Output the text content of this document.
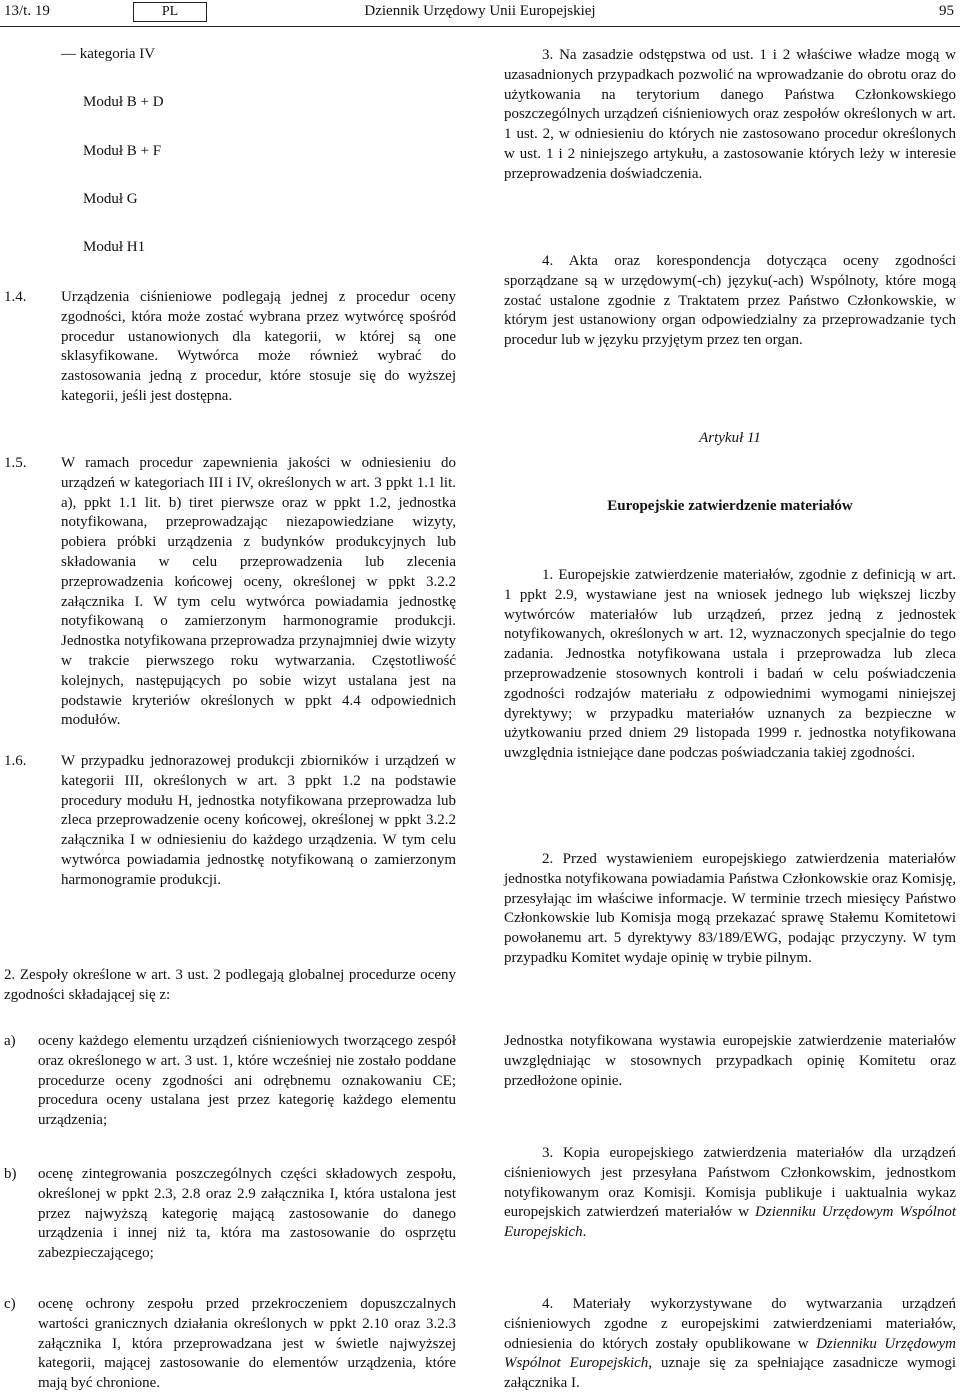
13/t. 19	PL	Dziennik Urzędowy Unii Europejskiej	95
— kategoria IV
Moduł B + D
Moduł B + F
Moduł G
Moduł H1
1.4. Urządzenia ciśnieniowe podlegają jednej z procedur oceny zgodności, która może zostać wybrana przez wytwórcę spośród procedur ustanowionych dla kategorii, w której są one sklasyfikowane. Wytwórca może również wybrać do zastosowania jedną z procedur, które stosuje się do wyższej kategorii, jeśli jest dostępna.
1.5. W ramach procedur zapewnienia jakości w odniesieniu do urządzeń w kategoriach III i IV, określonych w art. 3 ppkt 1.1 lit. a), ppkt 1.1 lit. b) tiret pierwsze oraz w ppkt 1.2, jednostka notyfikowana, przeprowadzając niezapowiedziane wizyty, pobiera próbki urządzenia z budynków produkcyjnych lub składowania w celu przeprowadzenia lub zlecenia przeprowadzenia końcowej oceny, określonej w ppkt 3.2.2 załącznika I. W tym celu wytwórca powiadamia jednostkę notyfikowaną o zamierzonym harmonogramie produkcji. Jednostka notyfikowana przeprowadza przynajmniej dwie wizyty w trakcie pierwszego roku wytwarzania. Częstotliwość kolejnych, następujących po sobie wizyt ustalana jest na podstawie kryteriów określonych w ppkt 4.4 odpowiednich modułów.
1.6. W przypadku jednorazowej produkcji zbiorników i urządzeń w kategorii III, określonych w art. 3 ppkt 1.2 na podstawie procedury modułu H, jednostka notyfikowana przeprowadza lub zleca przeprowadzenie oceny końcowej, określonej w ppkt 3.2.2 załącznika I w odniesieniu do każdego urządzenia. W tym celu wytwórca powiadamia jednostkę notyfikowaną o zamierzonym harmonogramie produkcji.
2. Zespoły określone w art. 3 ust. 2 podlegają globalnej procedurze oceny zgodności składającej się z:
a) oceny każdego elementu urządzeń ciśnieniowych tworzącego zespół oraz określonego w art. 3 ust. 1, które wcześniej nie zostało poddane procedurze oceny zgodności ani odrębnemu oznakowaniu CE; procedura oceny ustalana jest przez kategorię każdego elementu urządzenia;
b) ocenę zintegrowania poszczególnych części składowych zespołu, określonej w ppkt 2.3, 2.8 oraz 2.9 załącznika I, która ustalona jest przez najwyższą kategorię mającą zastosowanie do danego urządzenia i innej niż ta, która ma zastosowanie do osprzętu zabezpieczającego;
c) ocenę ochrony zespołu przed przekroczeniem dopuszczalnych wartości granicznych działania określonych w ppkt 2.10 oraz 3.2.3 załącznika I, która przeprowadzana jest w świetle najwyższej kategorii, mającej zastosowanie do elementów urządzenia, które mają być chronione.
3. Na zasadzie odstępstwa od ust. 1 i 2 właściwe władze mogą w uzasadnionych przypadkach pozwolić na wprowadzanie do obrotu oraz do użytkowania na terytorium danego Państwa Członkowskiego poszczególnych urządzeń ciśnieniowych oraz zespołów określonych w art. 1 ust. 2, w odniesieniu do których nie zastosowano procedur określonych w ust. 1 i 2 niniejszego artykułu, a zastosowanie których leży w interesie przeprowadzenia doświadczenia.
4. Akta oraz korespondencja dotycząca oceny zgodności sporządzane są w urzędowym(-ch) języku(-ach) Wspólnoty, które mogą zostać ustalone zgodnie z Traktatem przez Państwo Członkowskie, w którym jest ustanowiony organ odpowiedzialny za przeprowadzanie tych procedur lub w języku przyjętym przez ten organ.
Artykuł 11
Europejskie zatwierdzenie materiałów
1. Europejskie zatwierdzenie materiałów, zgodnie z definicją w art. 1 ppkt 2.9, wystawiane jest na wniosek jednego lub większej liczby wytwórców materiałów lub urządzeń, przez jedną z jednostek notyfikowanych, określonych w art. 12, wyznaczonych specjalnie do tego zadania. Jednostka notyfikowana ustala i przeprowadza lub zleca przeprowadzenie stosownych kontroli i badań w celu poświadczenia zgodności rodzajów materiału z odpowiednimi wymogami niniejszej dyrektywy; w przypadku materiałów uznanych za bezpieczne w użytkowaniu przed dniem 29 listopada 1999 r. jednostka notyfikowana uwzględnia istniejące dane podczas poświadczania takiej zgodności.
2. Przed wystawieniem europejskiego zatwierdzenia materiałów jednostka notyfikowana powiadamia Państwa Członkowskie oraz Komisję, przesyłając im właściwe informacje. W terminie trzech miesięcy Państwo Członkowskie lub Komisja mogą przekazać sprawę Stałemu Komitetowi powołanemu art. 5 dyrektywy 83/189/EWG, podając przyczyny. W tym przypadku Komitet wydaje opinię w trybie pilnym.
Jednostka notyfikowana wystawia europejskie zatwierdzenie materiałów uwzględniając w stosownych przypadkach opinię Komitetu oraz przedłożone opinie.
3. Kopia europejskiego zatwierdzenia materiałów dla urządzeń ciśnieniowych jest przesyłana Państwom Członkowskim, jednostkom notyfikowanym oraz Komisji. Komisja publikuje i uaktualnia wykaz europejskich zatwierdzeń materiałów w Dzienniku Urzędowym Wspólnot Europejskich.
4. Materiały wykorzystywane do wytwarzania urządzeń ciśnieniowych zgodne z europejskimi zatwierdzeniami materiałów, odniesienia do których zostały opublikowane w Dzienniku Urzędowym Wspólnot Europejskich, uznaje się za spełniające zasadnicze wymogi załącznika I.
